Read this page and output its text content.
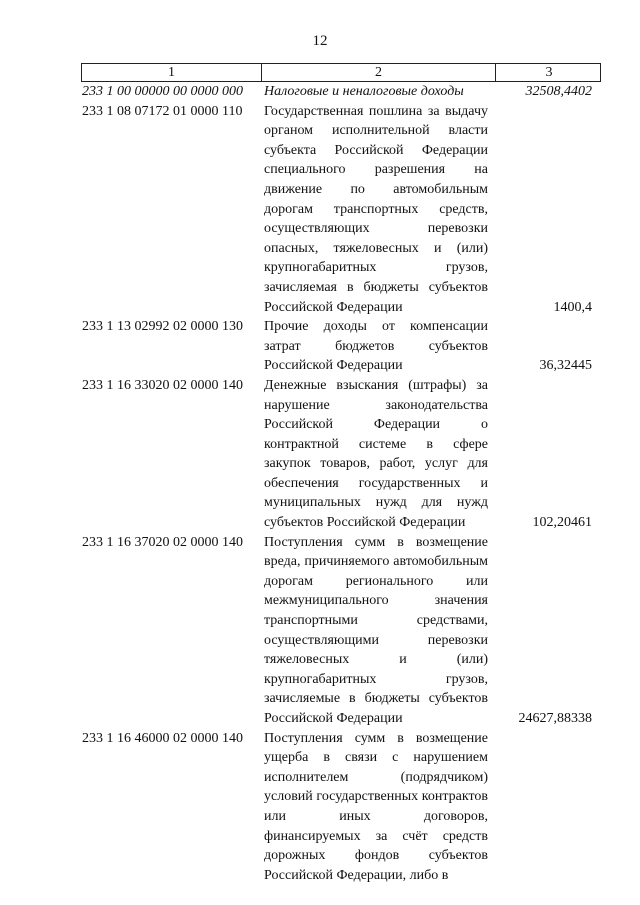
12
1	2	3
233 1 00 00000 00 0000 000	Налоговые и неналоговые доходы	32508,4402
233 1 08 07172 01 0000 110	Государственная пошлина за выдачу органом исполнительной власти субъекта Российской Федерации специального разрешения на движение по автомобильным дорогам транспортных средств, осуществляющих перевозки опасных, тяжеловесных и (или) крупногабаритных грузов, зачисляемая в бюджеты субъектов Российской Федерации	1400,4
233 1 13 02992 02 0000 130	Прочие доходы от компенсации затрат бюджетов субъектов Российской Федерации	36,32445
233 1 16 33020 02 0000 140	Денежные взыскания (штрафы) за нарушение законодательства Российской Федерации о контрактной системе в сфере закупок товаров, работ, услуг для обеспечения государственных и муниципальных нужд для нужд субъектов Российской Федерации	102,20461
233 1 16 37020 02 0000 140	Поступления сумм в возмещение вреда, причиняемого автомобильным дорогам регионального или межмуниципального значения транспортными средствами, осуществляющими перевозки тяжеловесных и (или) крупногабаритных грузов, зачисляемые в бюджеты субъектов Российской Федерации	24627,88338
233 1 16 46000 02 0000 140	Поступления сумм в возмещение ущерба в связи с нарушением исполнителем (подрядчиком) условий государственных контрактов или иных договоров, финансируемых за счёт средств дорожных фондов субъектов Российской Федерации, либо в
